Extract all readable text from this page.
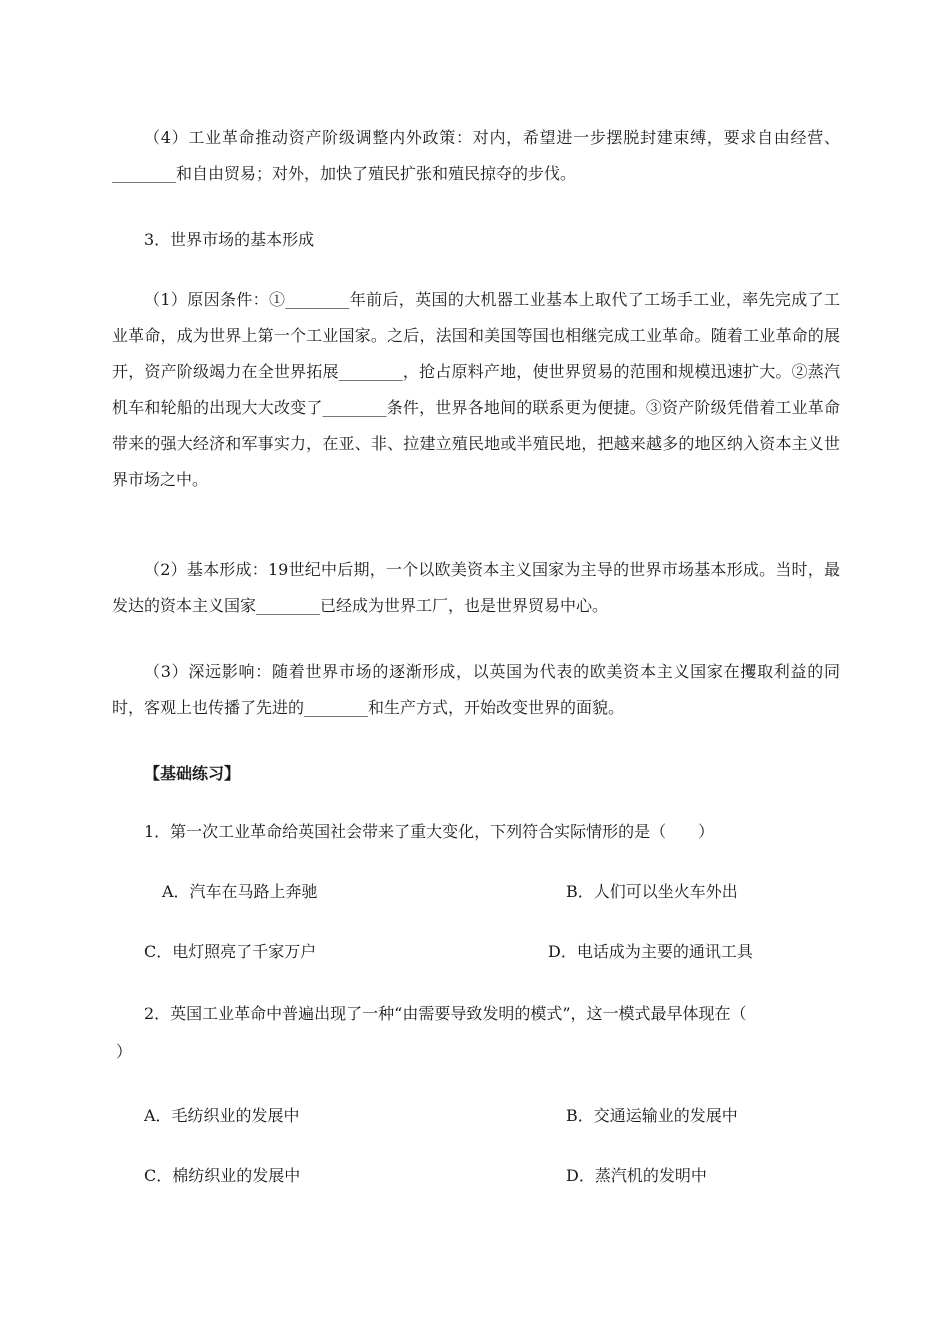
（4）工业革命推动资产阶级调整内外政策：对内，希望进一步摆脱封建束缚，要求自由经营、________和自由贸易；对外，加快了殖民扩张和殖民掠夺的步伐。

3．世界市场的基本形成

（1）原因条件：①________年前后，英国的大机器工业基本上取代了工场手工业，率先完成了工业革命，成为世界上第一个工业国家。之后，法国和美国等国也相继完成工业革命。随着工业革命的展开，资产阶级竭力在全世界拓展________，抢占原料产地，使世界贸易的范围和规模迅速扩大。②蒸汽机车和轮船的出现大大改变了________条件，世界各地间的联系更为便捷。③资产阶级凭借着工业革命带来的强大经济和军事实力，在亚、非、拉建立殖民地或半殖民地，把越来越多的地区纳入资本主义世界市场之中。

（2）基本形成：19世纪中后期，一个以欧美资本主义国家为主导的世界市场基本形成。当时，最发达的资本主义国家________已经成为世界工厂，也是世界贸易中心。

（3）深远影响：随着世界市场的逐渐形成，以英国为代表的欧美资本主义国家在攫取利益的同时，客观上也传播了先进的________和生产方式，开始改变世界的面貌。

【基础练习】
1．第一次工业革命给英国社会带来了重大变化，下列符合实际情形的是（　　）
A．汽车在马路上奔驰	B．人们可以坐火车外出
C．电灯照亮了千家万户	D．电话成为主要的通讯工具
2．英国工业革命中普遍出现了一种“由需要导致发明的模式”，这一模式最早体现在（
）
A．毛纺织业的发展中	B．交通运输业的发展中
C．棉纺织业的发展中	D．蒸汽机的发明中
